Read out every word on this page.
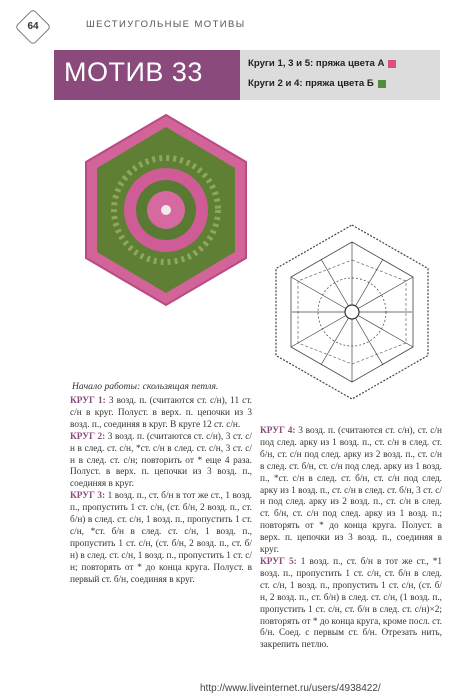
64	ШЕСТИУГОЛЬНЫЕ МОТИВЫ
МОТИВ 33	Круги 1, 3 и 5: пряжа цвета А
Круги 2 и 4: пряжа цвета Б
Начало работы: скользящая петля.

КРУГ 1: 3 возд. п. (считаются ст. с/н), 11 ст. с/н в круг. Полуст. в верх. п. цепочки из 3 возд. п., соединяя в круг. В круге 12 ст. с/н.

КРУГ 2: 3 возд. п. (считаются ст. с/н), 3 ст. с/н в след. ст. с/н, *ст. с/н в след. ст. с/н, 3 ст. с/н в след. ст. с/н; повторить от * еще 4 раза. Полуст. в верх. п. цепочки из 3 возд. п., соединяя в круг.

КРУГ 3: 1 возд. п., ст. б/н в тот же ст., 1 возд. п., пропустить 1 ст. с/н, (ст. б/н, 2 возд. п., ст. б/н) в след. ст. с/н, 1 возд. п., пропустить 1 ст. с/н, *ст. б/н в след. ст. с/н, 1 возд. п., пропустить 1 ст. с/н, (ст. б/н, 2 возд. п., ст. б/н) в след. ст. с/н, 1 возд. п., пропустить 1 ст. с/н; повторять от * до конца круга. Полуст. в первый ст. б/н, соединяя в круг.

КРУГ 4: 3 возд. п. (считаются ст. с/н), ст. с/н под след. арку из 1 возд. п., ст. с/н в след. ст. б/н, ст. с/н под след. арку из 2 возд. п., ст. с/н в след. ст. б/н, ст. с/н под след. арку из 1 возд. п., *ст. с/н в след. ст. б/н, ст. с/н под след. арку из 1 возд. п., ст. с/н в след. ст. б/н, 3 ст. с/н под след. арку из 2 возд. п., ст. с/н в след. ст. б/н, ст. с/н под след. арку из 1 возд. п.; повторять от * до конца круга. Полуст. в верх. п. цепочки из 3 возд. п., соединяя в круг.

КРУГ 5: 1 возд. п., ст. б/н в тот же ст., *1 возд. п., пропустить 1 ст. с/н, ст. б/н в след. ст. с/н, 1 возд. п., пропустить 1 ст. с/н, (ст. б/н, 2 возд. п., ст. б/н) в след. ст. с/н, (1 возд. п., пропустить 1 ст. с/н, ст. б/н в след. ст. с/н)×2; повторять от * до конца круга, кроме посл. ст. б/н. Соед. с первым ст. б/н. Отрезать нить, закрепить петлю.

http://www.liveinternet.ru/users/4938422/
